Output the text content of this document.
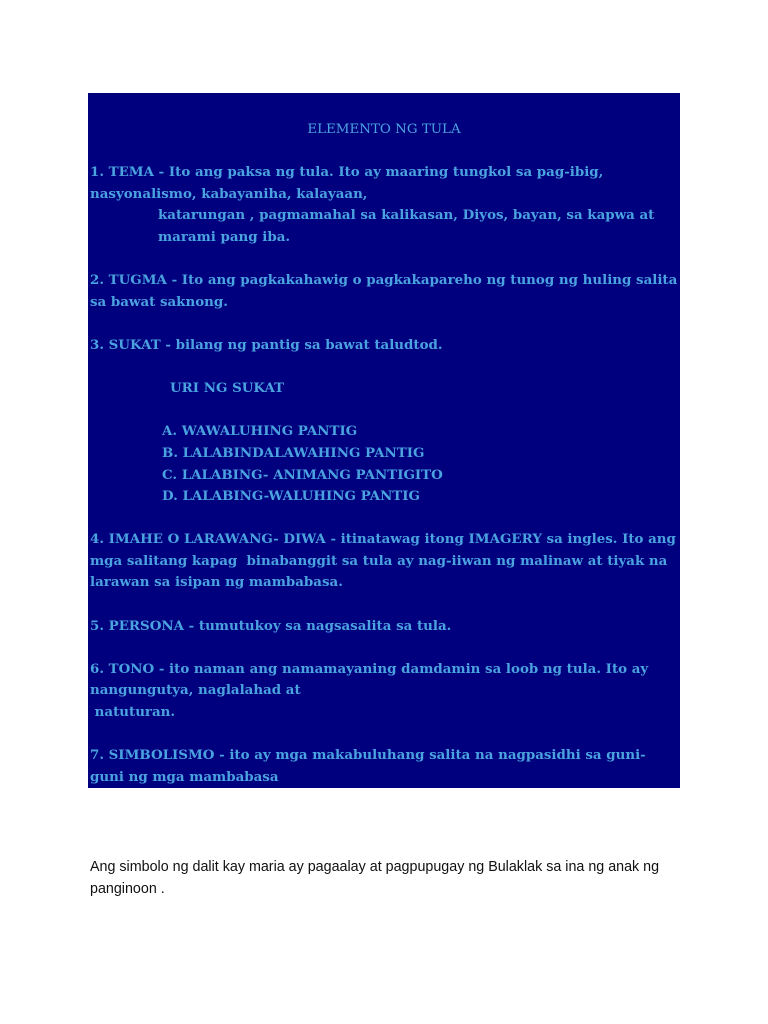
ELEMENTO NG TULA

1. TEMA - Ito ang paksa ng tula. Ito ay maaring tungkol sa pag-ibig, nasyonalismo, kabayaniha, kalayaan,

katarungan , pagmamahal sa kalikasan, Diyos, bayan, sa kapwa at marami pang iba.

2. TUGMA - Ito ang pagkakahawig o pagkakapareho ng tunog ng huling salita sa bawat saknong.

3. SUKAT - bilang ng pantig sa bawat taludtod.

URI NG SUKAT

A. WAWALUHING PANTIG

B. LALABINDALAWAHING PANTIG

C. LALABING- ANIMANG PANTIGITO

D. LALABING-WALUHING PANTIG

4. IMAHE O LARAWANG- DIWA - itinatawag itong IMAGERY sa ingles. Ito ang mga salitang kapag  binabanggit sa tula ay nag-iiwan ng malinaw at tiyak na larawan sa isipan ng mambabasa.

5. PERSONA - tumutukoy sa nagsasalita sa tula.

6. TONO - ito naman ang namamayaning damdamin sa loob ng tula. Ito ay nangungutya, naglalahad at

natuturan.

7. SIMBOLISMO - ito ay mga makabuluhang salita na nagpasidhi sa guni-guni ng mga mambabasa

Ang simbolo ng dalit kay maria ay pagaalay at pagpupugay ng Bulaklak sa ina ng anak ng panginoon .
